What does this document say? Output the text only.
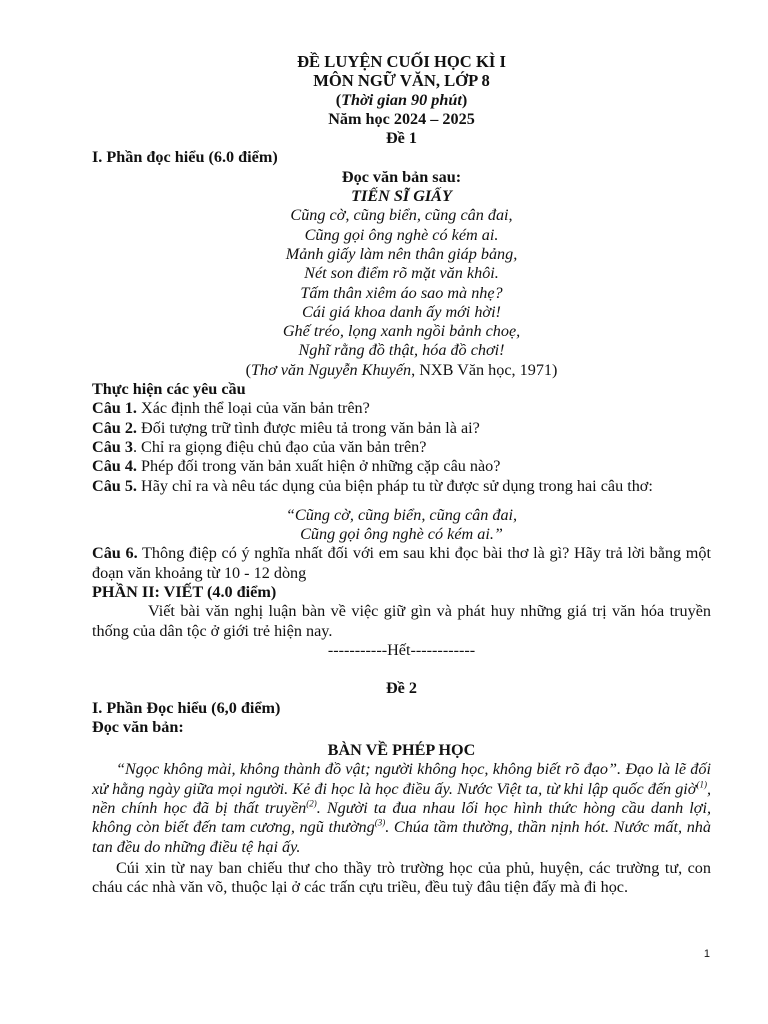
ĐỀ LUYỆN CUỐI HỌC KÌ I

MÔN NGỮ VĂN, LỚP 8

(Thời gian 90 phút)

Năm học 2024 – 2025

Đề 1

I. Phần đọc hiểu (6.0 điểm)

Đọc văn bản sau:

TIẾN SĨ GIẤY

Cũng cờ, cũng biển, cũng cân đai,

Cũng gọi ông nghè có kém ai.

Mảnh giấy làm nên thân giáp bảng,

Nét son điểm rõ mặt văn khôi.

Tấm thân xiêm áo sao mà nhẹ?

Cái giá khoa danh ấy mới hời!

Ghế tréo, lọng xanh ngồi bảnh choẹ,

Nghĩ rằng đồ thật, hóa đồ chơi!

(Thơ văn Nguyễn Khuyến, NXB Văn học, 1971)

Thực hiện các yêu cầu

Câu 1. Xác định thể loại của văn bản trên?

Câu 2. Đối tượng trữ tình được miêu tả trong văn bản là ai?

Câu 3. Chỉ ra giọng điệu chủ đạo của văn bản trên?

Câu 4. Phép đối trong văn bản xuất hiện ở những cặp câu nào?

Câu 5. Hãy chỉ ra và nêu tác dụng của biện pháp tu từ được sử dụng trong hai câu thơ:

“Cũng cờ, cũng biển, cũng cân đai,

Cũng gọi ông nghè có kém ai.”

Câu 6. Thông điệp có ý nghĩa nhất đối với em sau khi đọc bài thơ là gì? Hãy trả lời bằng một đoạn văn khoảng từ 10 - 12 dòng

PHẦN II: VIẾT (4.0 điểm)

Viết bài văn nghị luận bàn về việc giữ gìn và phát huy những giá trị văn hóa truyền thống của dân tộc ở giới trẻ hiện nay.

-----------Hết------------

Đề 2

I. Phần Đọc hiểu (6,0 điểm)

Đọc văn bản:

BÀN VỀ PHÉP HỌC

“Ngọc không mài, không thành đồ vật; người không học, không biết rõ đạo”. Đạo là lẽ đối xử hằng ngày giữa mọi người. Kẻ đi học là học điều ấy. Nước Việt ta, từ khi lập quốc đến giờ$^{(1)}$, nền chính học đã bị thất truyền$^{(2)}$. Người ta đua nhau lối học hình thức hòng cầu danh lợi, không còn biết đến tam cương, ngũ thường$^{(3)}$. Chúa tầm thường, thần nịnh hót. Nước mất, nhà tan đều do những điều tệ hại ấy.

Cúi xin từ nay ban chiếu thư cho thầy trò trường học của phủ, huyện, các trường tư, con cháu các nhà văn võ, thuộc lại ở các trấn cựu triều, đều tuỳ đâu tiện đấy mà đi học.

1
